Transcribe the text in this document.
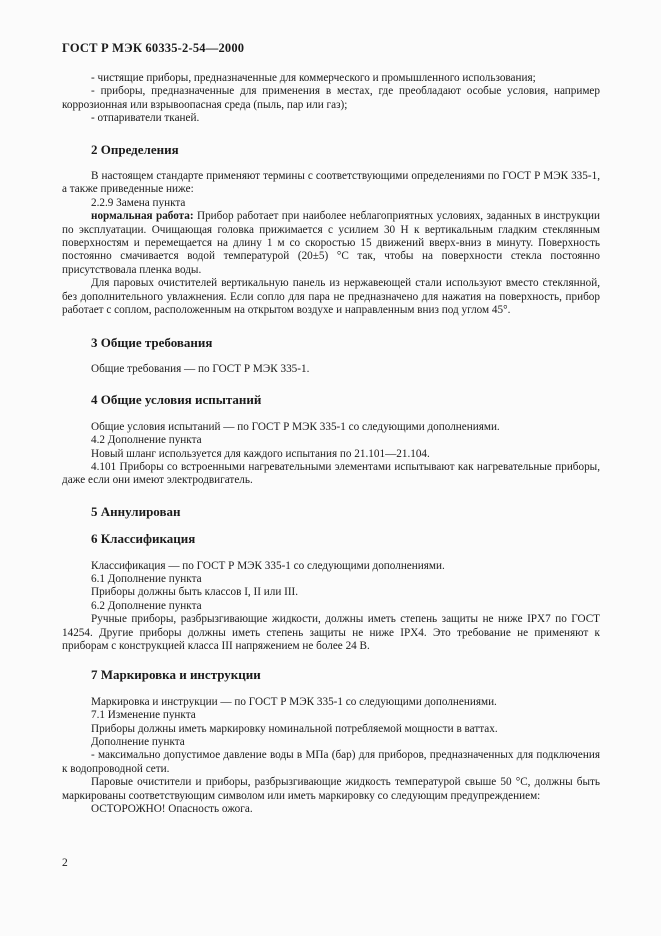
ГОСТ Р МЭК 60335-2-54—2000

- чистящие приборы, предназначенные для коммерческого и промышленного использования;

- приборы, предназначенные для применения в местах, где преобладают особые условия, например коррозионная или взрывоопасная среда (пыль, пар или газ);

- отпариватели тканей.

2 Определения

В настоящем стандарте применяют термины с соответствующими определениями по ГОСТ Р МЭК 335-1, а также приведенные ниже:

2.2.9 Замена пункта

нормальная работа: Прибор работает при наиболее неблагоприятных условиях, заданных в инструкции по эксплуатации. Очищающая головка прижимается с усилием 30 Н к вертикальным гладким стеклянным поверхностям и перемещается на длину 1 м со скоростью 15 движений вверх-вниз в минуту. Поверхность постоянно смачивается водой температурой (20±5) °С так, чтобы на поверхности стекла постоянно присутствовала пленка воды.

Для паровых очистителей вертикальную панель из нержавеющей стали используют вместо стеклянной, без дополнительного увлажнения. Если сопло для пара не предназначено для нажатия на поверхность, прибор работает с соплом, расположенным на открытом воздухе и направленным вниз под углом 45°.

3 Общие требования

Общие требования — по ГОСТ Р МЭК 335-1.

4 Общие условия испытаний

Общие условия испытаний — по ГОСТ Р МЭК 335-1 со следующими дополнениями.

4.2 Дополнение пункта

Новый шланг используется для каждого испытания по 21.101—21.104.

4.101 Приборы со встроенными нагревательными элементами испытывают как нагревательные приборы, даже если они имеют электродвигатель.

5 Аннулирован
6 Классификация

Классификация — по ГОСТ Р МЭК 335-1 со следующими дополнениями.

6.1 Дополнение пункта

Приборы должны быть классов I, II или III.

6.2 Дополнение пункта

Ручные приборы, разбрызгивающие жидкости, должны иметь степень защиты не ниже IPX7 по ГОСТ 14254. Другие приборы должны иметь степень защиты не ниже IPX4. Это требование не применяют к приборам с конструкцией класса III напряжением не более 24 В.

7 Маркировка и инструкции

Маркировка и инструкции — по ГОСТ Р МЭК 335-1 со следующими дополнениями.

7.1 Изменение пункта

Приборы должны иметь маркировку номинальной потребляемой мощности в ваттах.

Дополнение пункта

- максимально допустимое давление воды в МПа (бар) для приборов, предназначенных для подключения к водопроводной сети.

Паровые очистители и приборы, разбрызгивающие жидкость температурой свыше 50 °С, должны быть маркированы соответствующим символом или иметь маркировку со следующим предупреждением:

ОСТОРОЖНО! Опасность ожога.

2
